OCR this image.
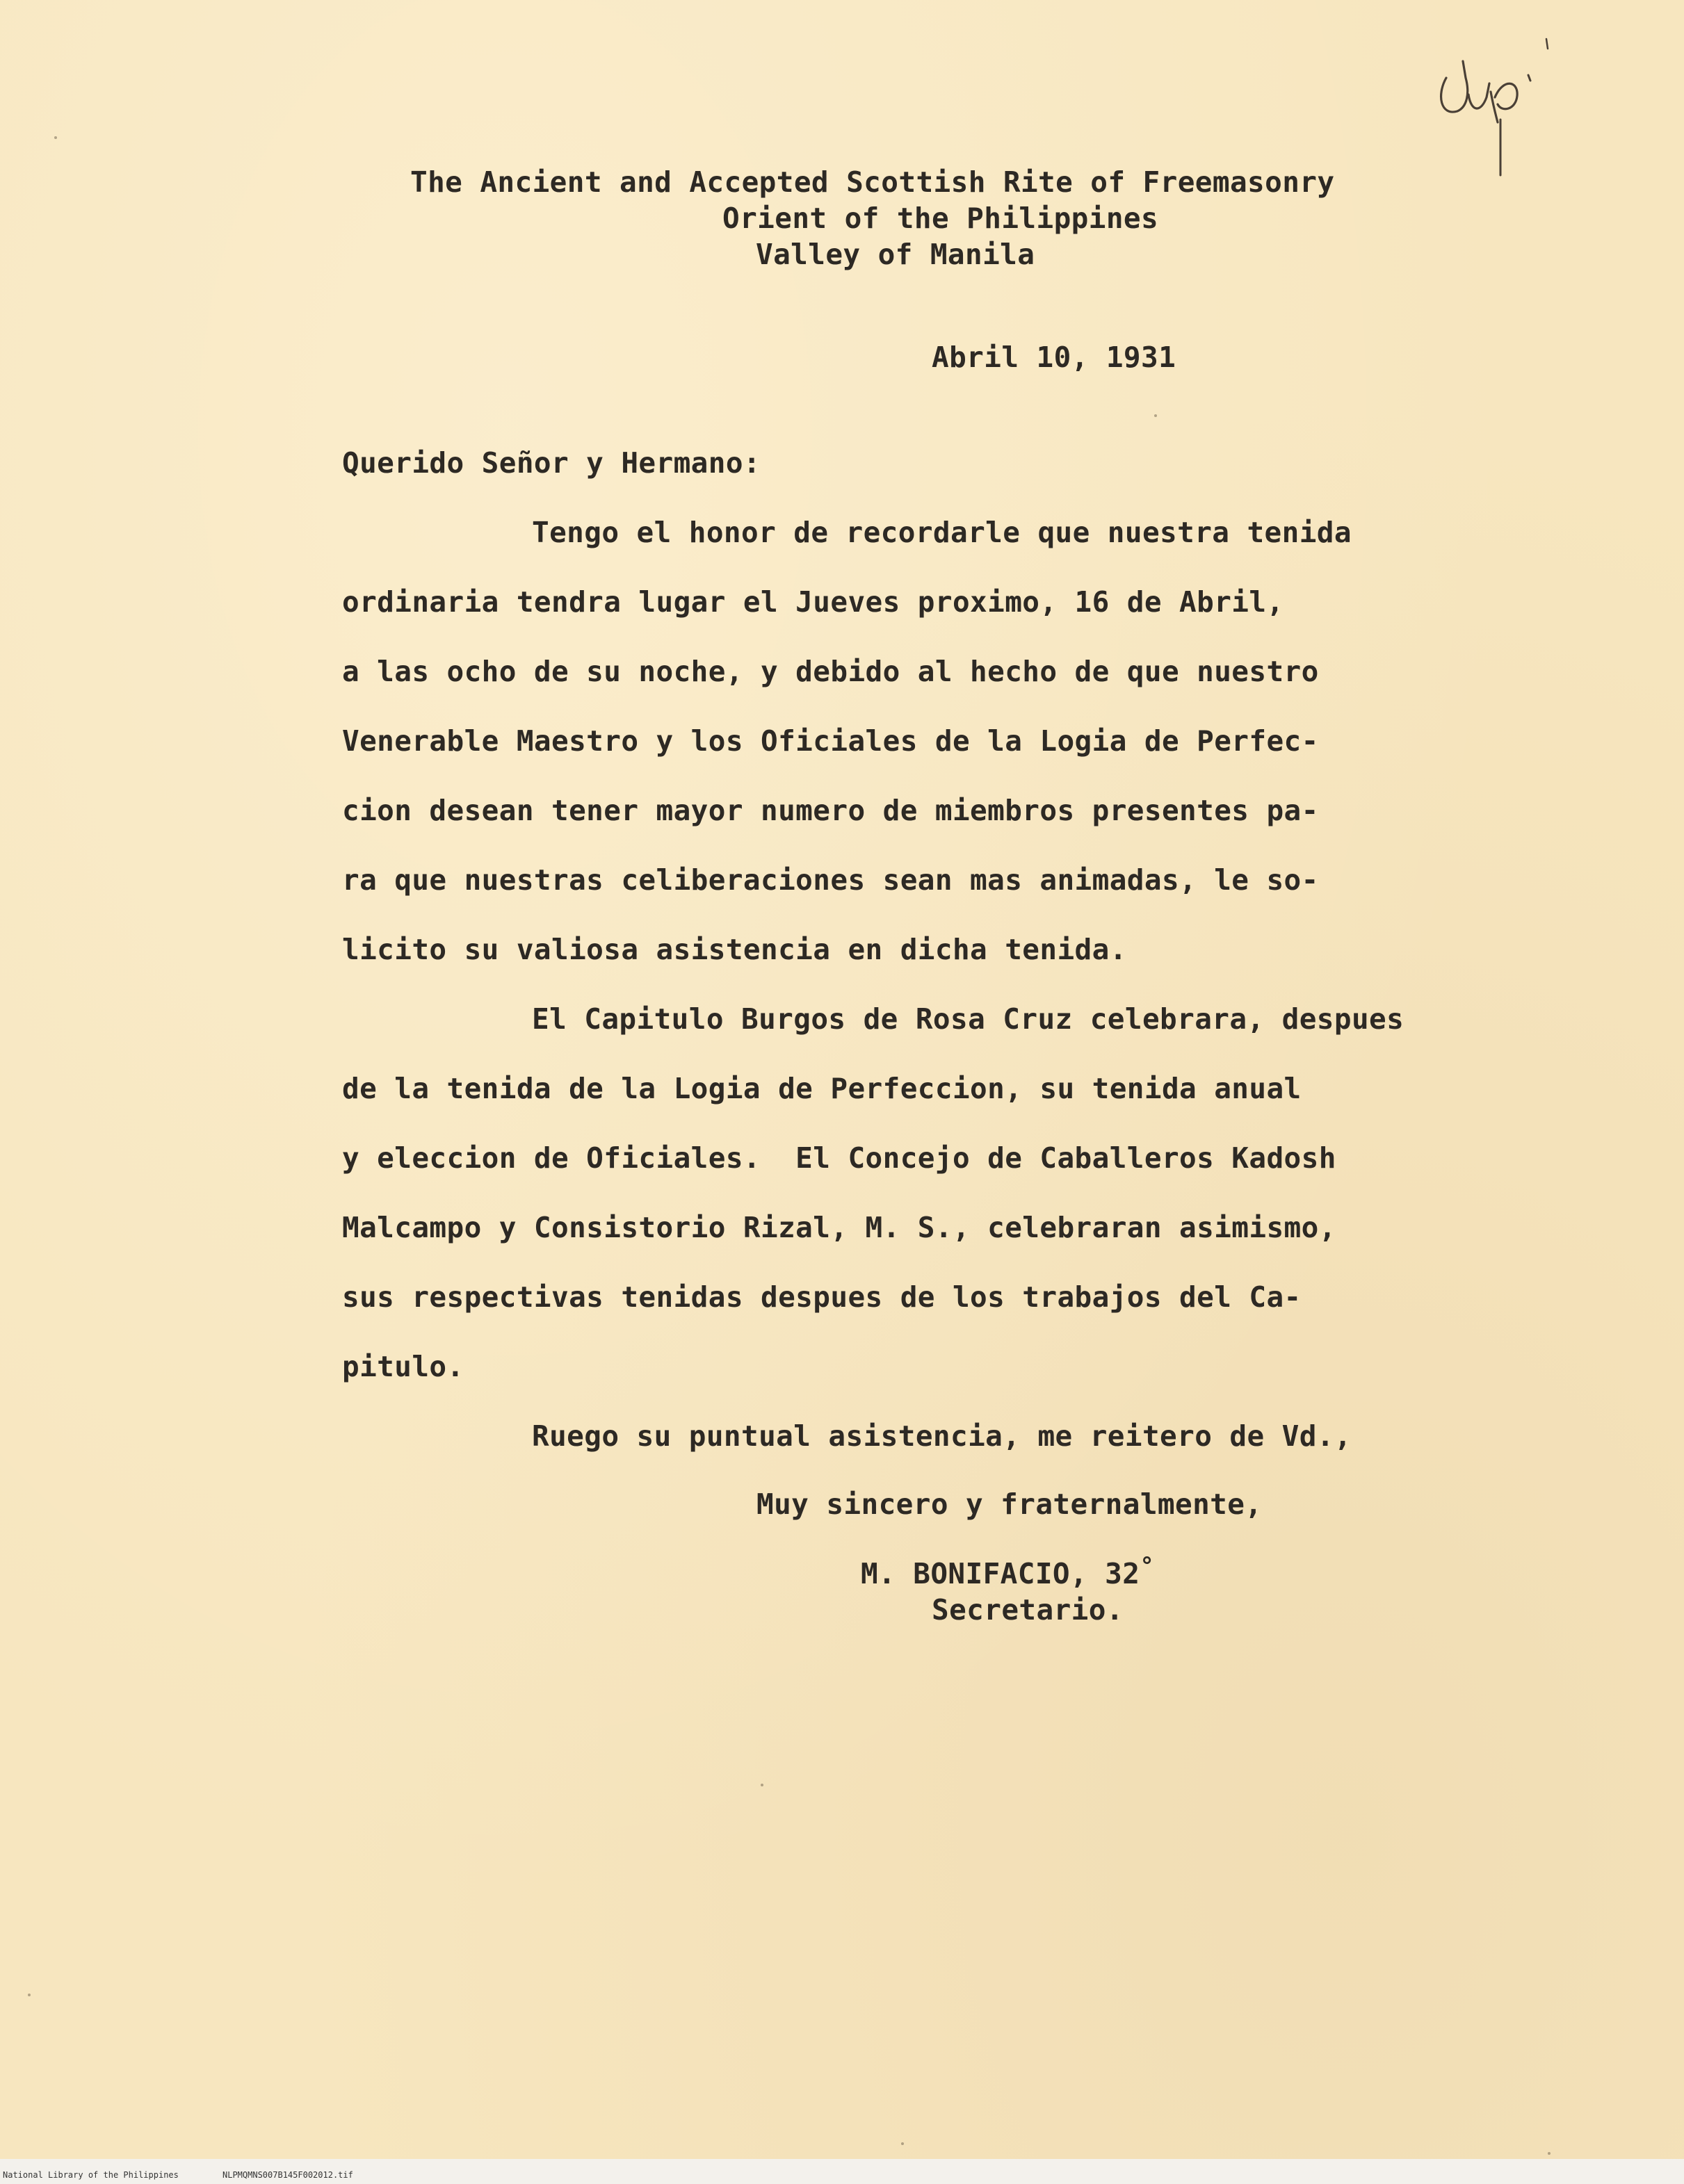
The Ancient and Accepted Scottish Rite of Freemasonry
Orient of the Philippines
Valley of Manila
Abril 10, 1931
Querido Señor y Hermano:
Tengo el honor de recordarle que nuestra tenida
ordinaria tendra lugar el Jueves proximo, 16 de Abril,
a las ocho de su noche, y debido al hecho de que nuestro
Venerable Maestro y los Oficiales de la Logia de Perfec-
cion desean tener mayor numero de miembros presentes pa-
ra que nuestras celiberaciones sean mas animadas, le so-
licito su valiosa asistencia en dicha tenida.
El Capitulo Burgos de Rosa Cruz celebrara, despues
de la tenida de la Logia de Perfeccion, su tenida anual
y eleccion de Oficiales.  El Concejo de Caballeros Kadosh
Malcampo y Consistorio Rizal, M. S., celebraran asimismo,
sus respectivas tenidas despues de los trabajos del Ca-
pitulo.
Ruego su puntual asistencia, me reitero de Vd.,
Muy sincero y fraternalmente,
M. BONIFACIO, 32°
Secretario.
National Library of the Philippines	NLPMQMNS007B145F002012.tif
